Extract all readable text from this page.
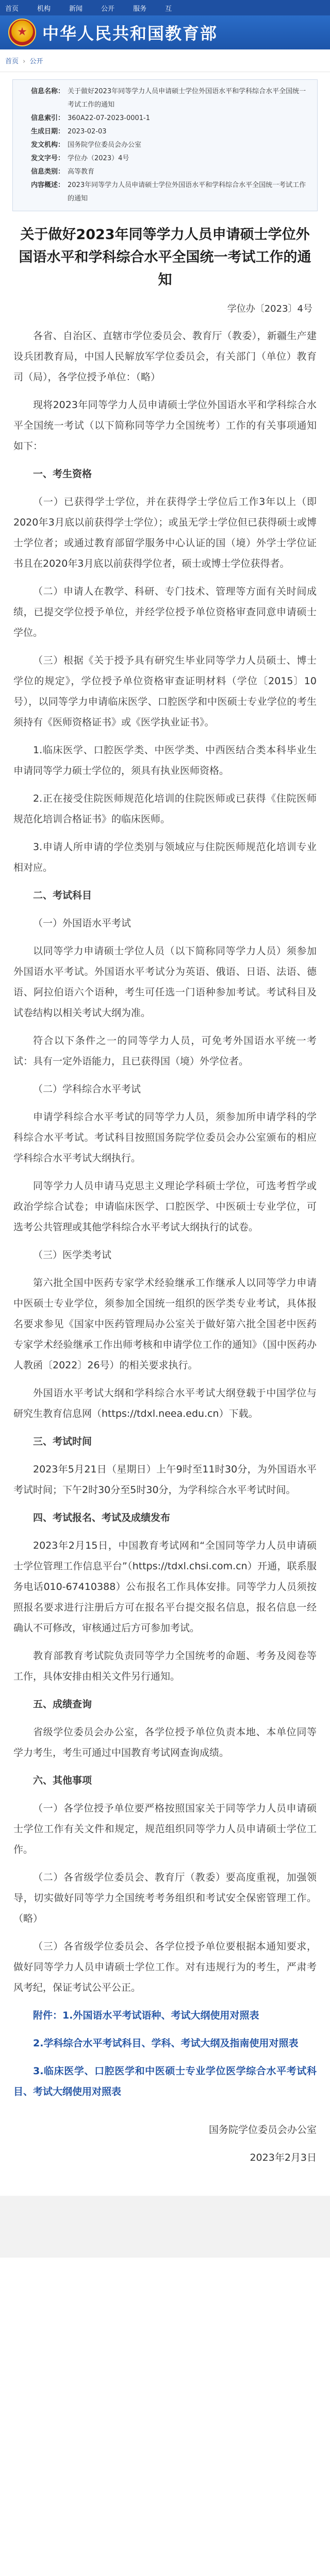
首页	机构	新闻	公开	服务	互
★
中华人民共和国教育部
首页 › 公开
信息名称： 关于做好2023年同等学力人员申请硕士学位外国语水平和学科综合水平全国统一考试工作的通知
信息索引： 360A22-07-2023-0001-1
生成日期： 2023-02-03
发文机构： 国务院学位委员会办公室
发文字号： 学位办（2023）4号
信息类别： 高等教育
内容概述： 2023年同等学力人员申请硕士学位外国语水平和学科综合水平全国统一考试工作的通知
关于做好2023年同等学力人员申请硕士学位外国语水平和学科综合水平全国统一考试工作的通知
学位办〔2023〕4号

各省、自治区、直辖市学位委员会、教育厅（教委），新疆生产建设兵团教育局，中国人民解放军学位委员会，有关部门（单位）教育司（局），各学位授予单位：（略）

现将2023年同等学力人员申请硕士学位外国语水平和学科综合水平全国统一考试（以下简称同等学力全国统考）工作的有关事项通知如下：

一、考生资格

（一）已获得学士学位，并在获得学士学位后工作3年以上（即2020年3月底以前获得学士学位）；或虽无学士学位但已获得硕士或博士学位者；或通过教育部留学服务中心认证的国（境）外学士学位证书且在2020年3月底以前获得学位者，硕士或博士学位获得者。

（二）申请人在教学、科研、专门技术、管理等方面有关时间成绩，已提交学位授予单位，并经学位授予单位资格审查同意申请硕士学位。

（三）根据《关于授予具有研究生毕业同等学力人员硕士、博士学位的规定》，学位授予单位资格审查证明材料（学位〔2015〕10号），以同等学力申请临床医学、口腔医学和中医硕士专业学位的考生须持有《医师资格证书》或《医学执业证书》。

1.临床医学、口腔医学类、中医学类、中西医结合类本科毕业生申请同等学力硕士学位的，须具有执业医师资格。

2.正在接受住院医师规范化培训的住院医师或已获得《住院医师规范化培训合格证书》的临床医师。

3.申请人所申请的学位类别与领域应与住院医师规范化培训专业相对应。

二、考试科目

（一）外国语水平考试

以同等学力申请硕士学位人员（以下简称同等学力人员）须参加外国语水平考试。外国语水平考试分为英语、俄语、日语、法语、德语、阿拉伯语六个语种，考生可任选一门语种参加考试。考试科目及试卷结构以相关考试大纲为准。

符合以下条件之一的同等学力人员，可免考外国语水平统一考试：具有一定外语能力，且已获得国（境）外学位者。

（二）学科综合水平考试

申请学科综合水平考试的同等学力人员，须参加所申请学科的学科综合水平考试。考试科目按照国务院学位委员会办公室颁布的相应学科综合水平考试大纲执行。

同等学力人员申请马克思主义理论学科硕士学位，可选考哲学或政治学综合试卷；申请临床医学、口腔医学、中医硕士专业学位，可选考公共管理或其他学科综合水平考试大纲执行的试卷。

（三）医学类考试

第六批全国中医药专家学术经验继承工作继承人以同等学力申请中医硕士专业学位，须参加全国统一组织的医学类专业考试，具体报名要求参见《国家中医药管理局办公室关于做好第六批全国老中医药专家学术经验继承工作出师考核和申请学位工作的通知》（国中医药办人教函〔2022〕26号）的相关要求执行。

外国语水平考试大纲和学科综合水平考试大纲登载于中国学位与研究生教育信息网（https://tdxl.neea.edu.cn）下载。

三、考试时间

2023年5月21日（星期日）上午9时至11时30分，为外国语水平考试时间；下午2时30分至5时30分，为学科综合水平考试时间。

四、考试报名、考试及成绩发布

2023年2月15日，中国教育考试网和“全国同等学力人员申请硕士学位管理工作信息平台”（https://tdxl.chsi.com.cn）开通，联系服务电话010-67410388）公布报名工作具体安排。同等学力人员须按照报名要求进行注册后方可在报名平台提交报名信息，报名信息一经确认不可修改，审核通过后方可参加考试。

教育部教育考试院负责同等学力全国统考的命题、考务及阅卷等工作，具体安排由相关文件另行通知。

五、成绩查询

省级学位委员会办公室，各学位授予单位负责本地、本单位同等学力考生，考生可通过中国教育考试网查询成绩。

六、其他事项

（一）各学位授予单位要严格按照国家关于同等学力人员申请硕士学位工作有关文件和规定，规范组织同等学力人员申请硕士学位工作。

（二）各省级学位委员会、教育厅（教委）要高度重视，加强领导，切实做好同等学力全国统考考务组织和考试安全保密管理工作。（略）

（三）各省级学位委员会、各学位授予单位要根据本通知要求，做好同等学力人员申请硕士学位工作。对有违规行为的考生，严肃考风考纪，保证考试公平公正。

附件：1.外国语水平考试语种、考试大纲使用对照表

2.学科综合水平考试科目、学科、考试大纲及指南使用对照表

3.临床医学、口腔医学和中医硕士专业学位医学综合水平考试科目、考试大纲使用对照表

国务院学位委员会办公室

2023年2月3日
